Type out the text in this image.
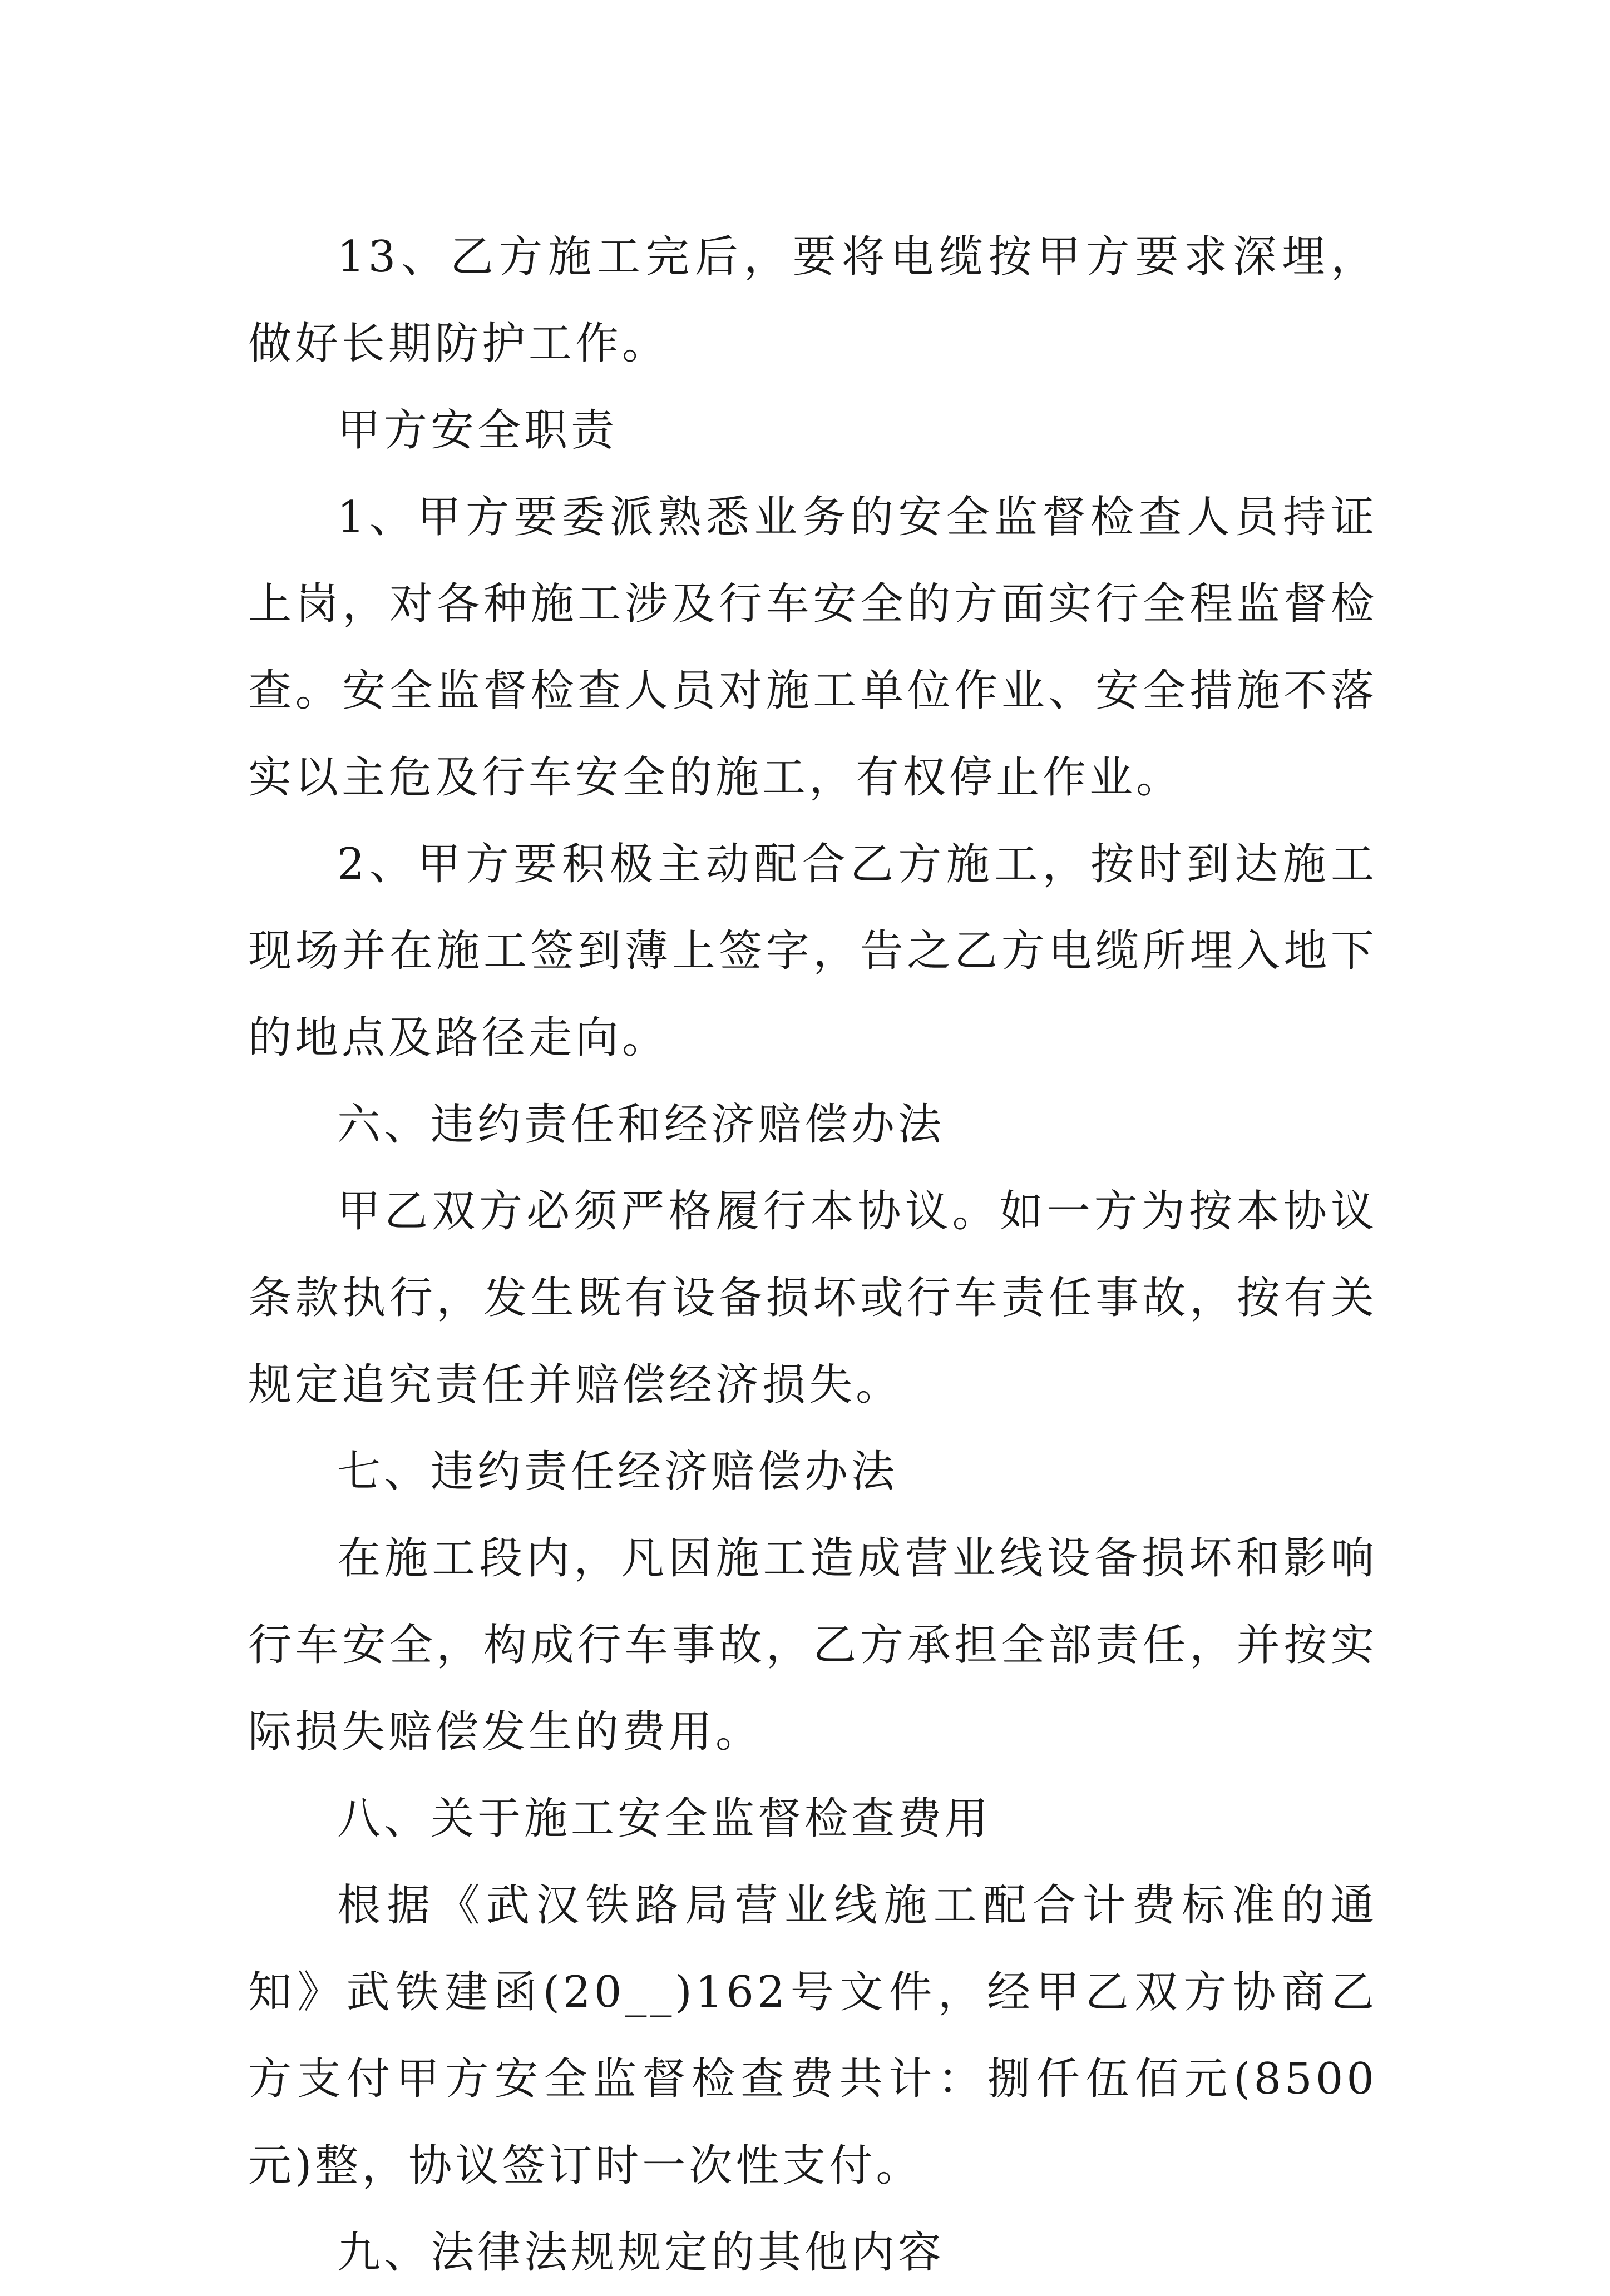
13、乙方施工完后，要将电缆按甲方要求深埋，做好长期防护工作。

甲方安全职责

1、甲方要委派熟悉业务的安全监督检查人员持证上岗，对各种施工涉及行车安全的方面实行全程监督检查。安全监督检查人员对施工单位作业、安全措施不落实以主危及行车安全的施工，有权停止作业。

2、甲方要积极主动配合乙方施工，按时到达施工现场并在施工签到薄上签字，告之乙方电缆所埋入地下的地点及路径走向。

六、违约责任和经济赔偿办法

甲乙双方必须严格履行本协议。如一方为按本协议条款执行，发生既有设备损坏或行车责任事故，按有关规定追究责任并赔偿经济损失。

七、违约责任经济赔偿办法

在施工段内，凡因施工造成营业线设备损坏和影响行车安全，构成行车事故，乙方承担全部责任，并按实际损失赔偿发生的费用。

八、关于施工安全监督检查费用

根据《武汉铁路局营业线施工配合计费标准的通知》武铁建函(20__)162号文件，经甲乙双方协商乙方支付甲方安全监督检查费共计：捌仟伍佰元(8500元)整，协议签订时一次性支付。

九、法律法规规定的其他内容
